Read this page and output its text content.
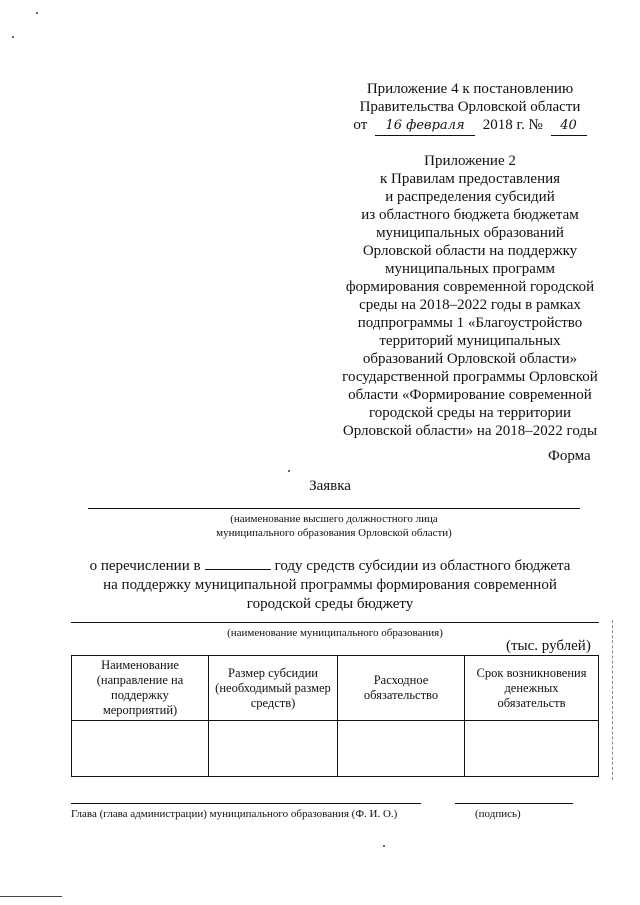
Приложение 4 к постановлению
Правительства Орловской области
от 16 февраля 2018 г. № 40
Приложение 2
к Правилам предоставления
и распределения субсидий
из областного бюджета бюджетам
муниципальных образований
Орловской области на поддержку
муниципальных программ
формирования современной городской
среды на 2018–2022 годы в рамках
подпрограммы 1 «Благоустройство
территорий муниципальных
образований Орловской области»
государственной программы Орловской
области «Формирование современной
городской среды на территории
Орловской области» на 2018–2022 годы
Форма
Заявка
(наименование высшего должностного лица
муниципального образования Орловской области)
о перечислении в	году средств субсидии из областного бюджета
на поддержку муниципальной программы формирования современной
городской среды бюджету
(наименование муниципального образования)
(тыс. рублей)
Наименование (направление на поддержку мероприятий)	Размер субсидии (необходимый размер средств)	Расходное обязательство	Срок возникновения денежных обязательств

Глава (глава администрации) муниципального образования (Ф. И. О.)	(подпись)
